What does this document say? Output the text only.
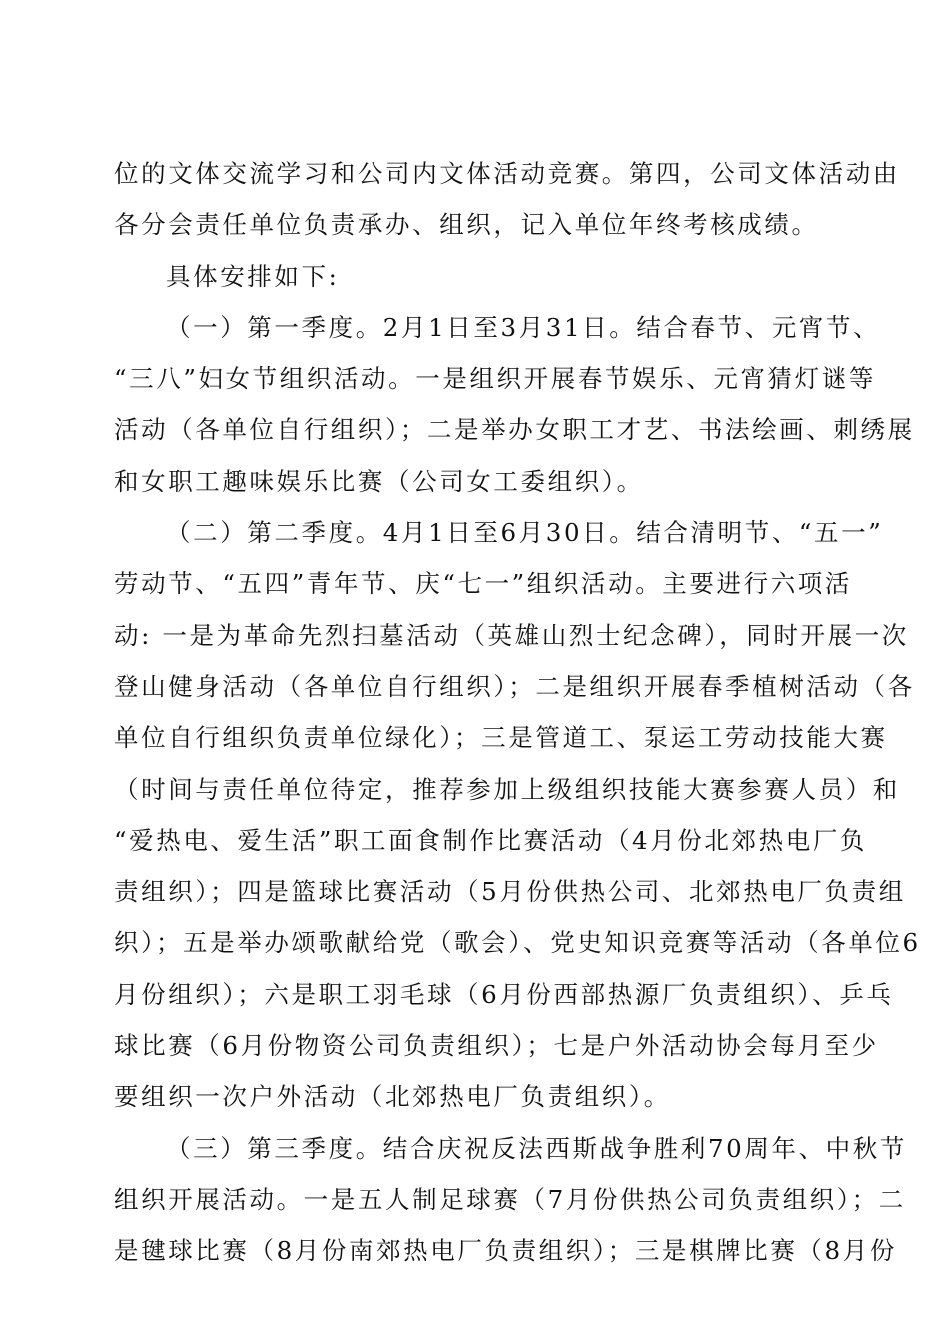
位的文体交流学习和公司内文体活动竞赛。第四，公司文体活动由
各分会责任单位负责承办、组织，记入单位年终考核成绩。
具体安排如下:
（一）第一季度。2月1日至3月31日。结合春节、元宵节、
“三八”妇女节组织活动。一是组织开展春节娱乐、元宵猜灯谜等
活动（各单位自行组织）；二是举办女职工才艺、书法绘画、刺绣展
和女职工趣味娱乐比赛（公司女工委组织）。
（二）第二季度。4月1日至6月30日。结合清明节、“五一”
劳动节、“五四”青年节、庆“七一”组织活动。主要进行六项活
动: 一是为革命先烈扫墓活动（英雄山烈士纪念碑），同时开展一次
登山健身活动（各单位自行组织）；二是组织开展春季植树活动（各
单位自行组织负责单位绿化）；三是管道工、泵运工劳动技能大赛
（时间与责任单位待定，推荐参加上级组织技能大赛参赛人员）和
“爱热电、爱生活”职工面食制作比赛活动（4月份北郊热电厂负
责组织）；四是篮球比赛活动（5月份供热公司、北郊热电厂负责组
织）；五是举办颂歌献给党（歌会）、党史知识竞赛等活动（各单位6
月份组织）；六是职工羽毛球（6月份西部热源厂负责组织）、乒乓
球比赛（6月份物资公司负责组织）；七是户外活动协会每月至少
要组织一次户外活动（北郊热电厂负责组织）。
（三）第三季度。结合庆祝反法西斯战争胜利70周年、中秋节
组织开展活动。一是五人制足球赛（7月份供热公司负责组织）；二
是毽球比赛（8月份南郊热电厂负责组织）；三是棋牌比赛（8月份
